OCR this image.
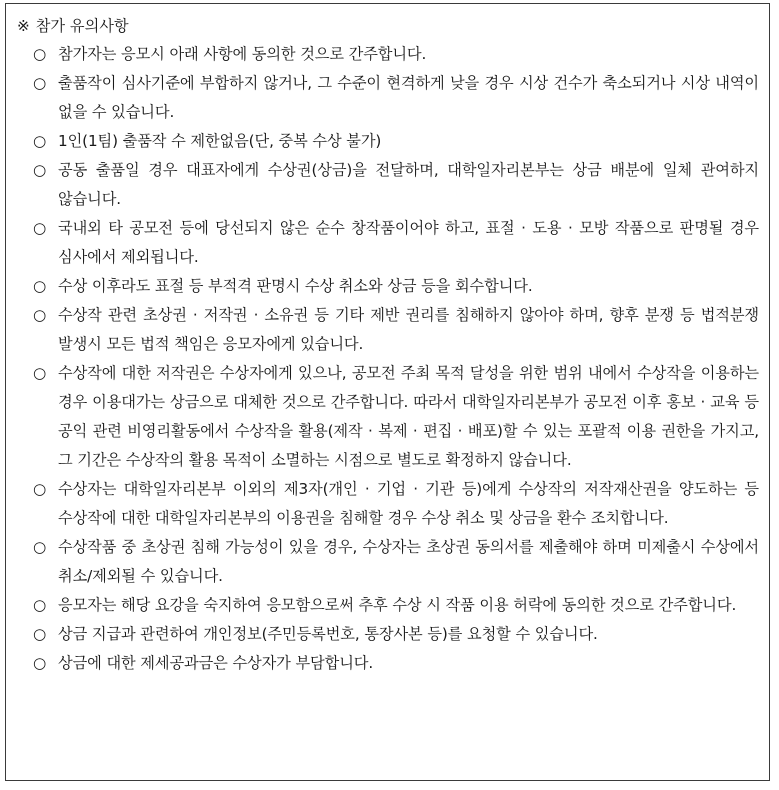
※ 참가 유의사항
○ 참가자는 응모시 아래 사항에 동의한 것으로 간주합니다.
○ 출품작이 심사기준에 부합하지 않거나, 그 수준이 현격하게 낮을 경우 시상 건수가 축소되거나 시상 내역이 없을 수 있습니다.
○ 1인(1팀) 출품작 수 제한없음(단, 중복 수상 불가)
○ 공동 출품일 경우 대표자에게 수상권(상금)을 전달하며, 대학일자리본부는 상금 배분에 일체 관여하지 않습니다.
○ 국내외 타 공모전 등에 당선되지 않은 순수 창작품이어야 하고, 표절 · 도용 · 모방 작품으로 판명될 경우 심사에서 제외됩니다.
○ 수상 이후라도 표절 등 부적격 판명시 수상 취소와 상금 등을 회수합니다.
○ 수상작 관련 초상권 · 저작권 · 소유권 등 기타 제반 권리를 침해하지 않아야 하며, 향후 분쟁 등 법적분쟁 발생시 모든 법적 책임은 응모자에게 있습니다.
○ 수상작에 대한 저작권은 수상자에게 있으나, 공모전 주최 목적 달성을 위한 범위 내에서 수상작을 이용하는 경우 이용대가는 상금으로 대체한 것으로 간주합니다. 따라서 대학일자리본부가 공모전 이후 홍보 · 교육 등 공익 관련 비영리활동에서 수상작을 활용(제작 · 복제 · 편집 · 배포)할 수 있는 포괄적 이용 권한을 가지고, 그 기간은 수상작의 활용 목적이 소멸하는 시점으로 별도로 확정하지 않습니다.
○ 수상자는 대학일자리본부 이외의 제3자(개인 · 기업 · 기관 등)에게 수상작의 저작재산권을 양도하는 등 수상작에 대한 대학일자리본부의 이용권을 침해할 경우 수상 취소 및 상금을 환수 조치합니다.
○ 수상작품 중 초상권 침해 가능성이 있을 경우, 수상자는 초상권 동의서를 제출해야 하며 미제출시 수상에서 취소/제외될 수 있습니다.
○ 응모자는 해당 요강을 숙지하여 응모함으로써 추후 수상 시 작품 이용 허락에 동의한 것으로 간주합니다.
○ 상금 지급과 관련하여 개인정보(주민등록번호, 통장사본 등)를 요청할 수 있습니다.
○ 상금에 대한 제세공과금은 수상자가 부담합니다.
